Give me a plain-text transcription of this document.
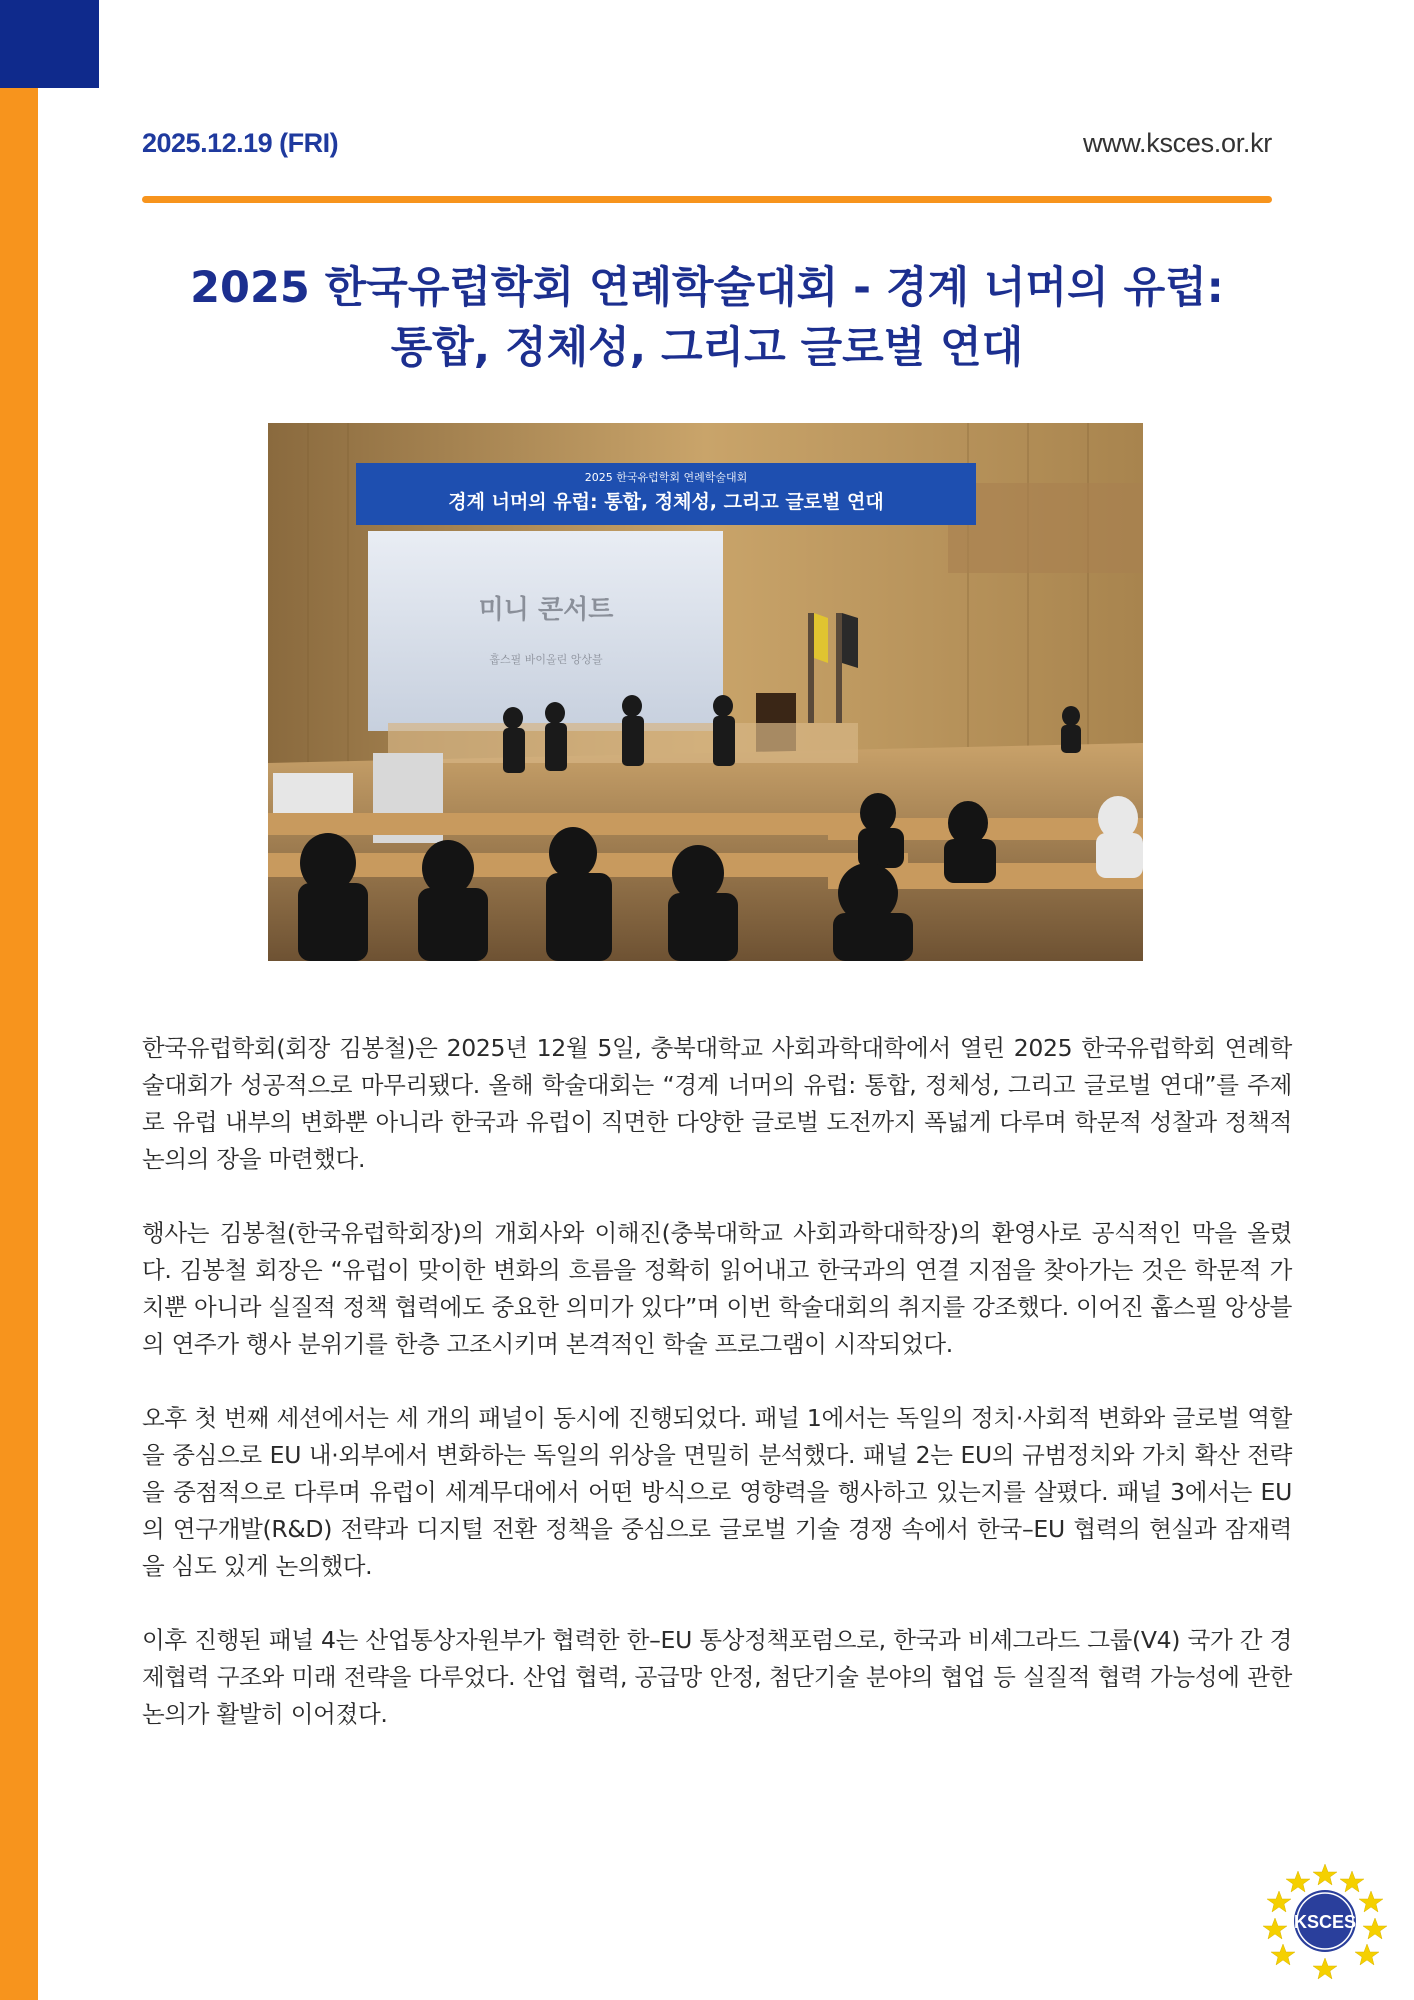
2025.12.19 (FRI)	www.ksces.or.kr
2025 한국유럽학회 연례학술대회 - 경계 너머의 유럽:
통합, 정체성, 그리고 글로벌 연대
2025 한국유럽학회 연례학술대회
경계 너머의 유럽: 통합, 정체성, 그리고 글로벌 연대
미니 콘서트
훕스필 바이올린 앙상블

한국유럽학회(회장 김봉철)은 2025년 12월 5일, 충북대학교 사회과학대학에서 열린 2025 한국유럽학회 연례학술대회가 성공적으로 마무리됐다. 올해 학술대회는 “경계 너머의 유럽: 통합, 정체성, 그리고 글로벌 연대”를 주제로 유럽 내부의 변화뿐 아니라 한국과 유럽이 직면한 다양한 글로벌 도전까지 폭넓게 다루며 학문적 성찰과 정책적 논의의 장을 마련했다.

행사는 김봉철(한국유럽학회장)의 개회사와 이해진(충북대학교 사회과학대학장)의 환영사로 공식적인 막을 올렸다. 김봉철 회장은 “유럽이 맞이한 변화의 흐름을 정확히 읽어내고 한국과의 연결 지점을 찾아가는 것은 학문적 가치뿐 아니라 실질적 정책 협력에도 중요한 의미가 있다”며 이번 학술대회의 취지를 강조했다. 이어진 훕스필 앙상블의 연주가 행사 분위기를 한층 고조시키며 본격적인 학술 프로그램이 시작되었다.

오후 첫 번째 세션에서는 세 개의 패널이 동시에 진행되었다. 패널 1에서는 독일의 정치·사회적 변화와 글로벌 역할을 중심으로 EU 내·외부에서 변화하는 독일의 위상을 면밀히 분석했다. 패널 2는 EU의 규범정치와 가치 확산 전략을 중점적으로 다루며 유럽이 세계무대에서 어떤 방식으로 영향력을 행사하고 있는지를 살폈다. 패널 3에서는 EU의 연구개발(R&D) 전략과 디지털 전환 정책을 중심으로 글로벌 기술 경쟁 속에서 한국–EU 협력의 현실과 잠재력을 심도 있게 논의했다.

이후 진행된 패널 4는 산업통상자원부가 협력한 한–EU 통상정책포럼으로, 한국과 비셰그라드 그룹(V4) 국가 간 경제협력 구조와 미래 전략을 다루었다. 산업 협력, 공급망 안정, 첨단기술 분야의 협업 등 실질적 협력 가능성에 관한 논의가 활발히 이어졌다.

KSCES
